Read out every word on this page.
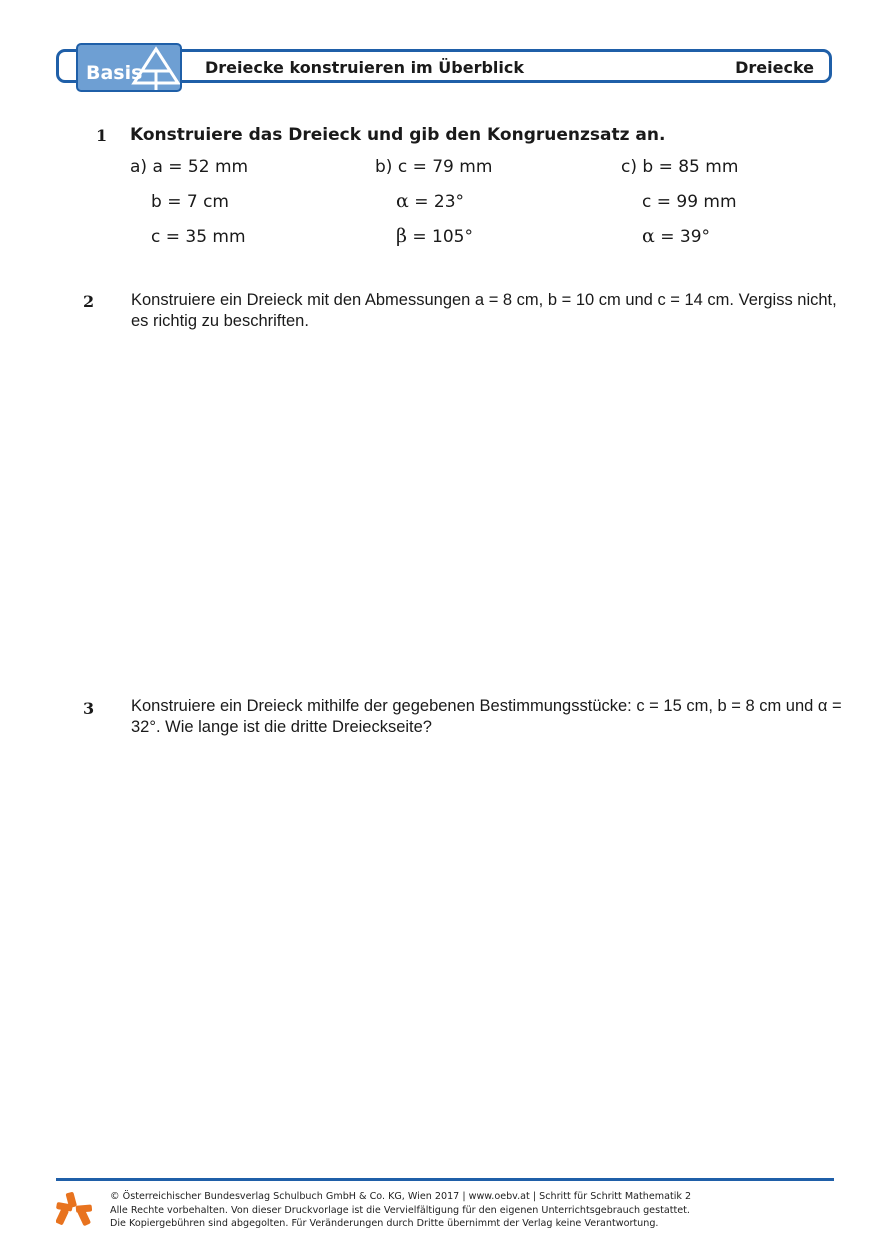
Basis	Dreiecke konstruieren im Überblick	Dreiecke
1 Konstruiere das Dreieck und gib den Kongruenzsatz an.
a) a = 52 mm
b = 7 cm
c = 35 mm
b) c = 79 mm
α = 23°
β = 105°
c) b = 85 mm
c = 99 mm
α = 39°
2 Konstruiere ein Dreieck mit den Abmessungen a = 8 cm, b = 10 cm und c = 14 cm. Vergiss nicht, es richtig zu beschriften.
3 Konstruiere ein Dreieck mithilfe der gegebenen Bestimmungsstücke: c = 15 cm, b = 8 cm und α = 32°. Wie lange ist die dritte Dreieckseite?
© Österreichischer Bundesverlag Schulbuch GmbH & Co. KG, Wien 2017 | www.oebv.at | Schritt für Schritt Mathematik 2
Alle Rechte vorbehalten. Von dieser Druckvorlage ist die Vervielfältigung für den eigenen Unterrichtsgebrauch gestattet.
Die Kopiergebühren sind abgegolten. Für Veränderungen durch Dritte übernimmt der Verlag keine Verantwortung.
